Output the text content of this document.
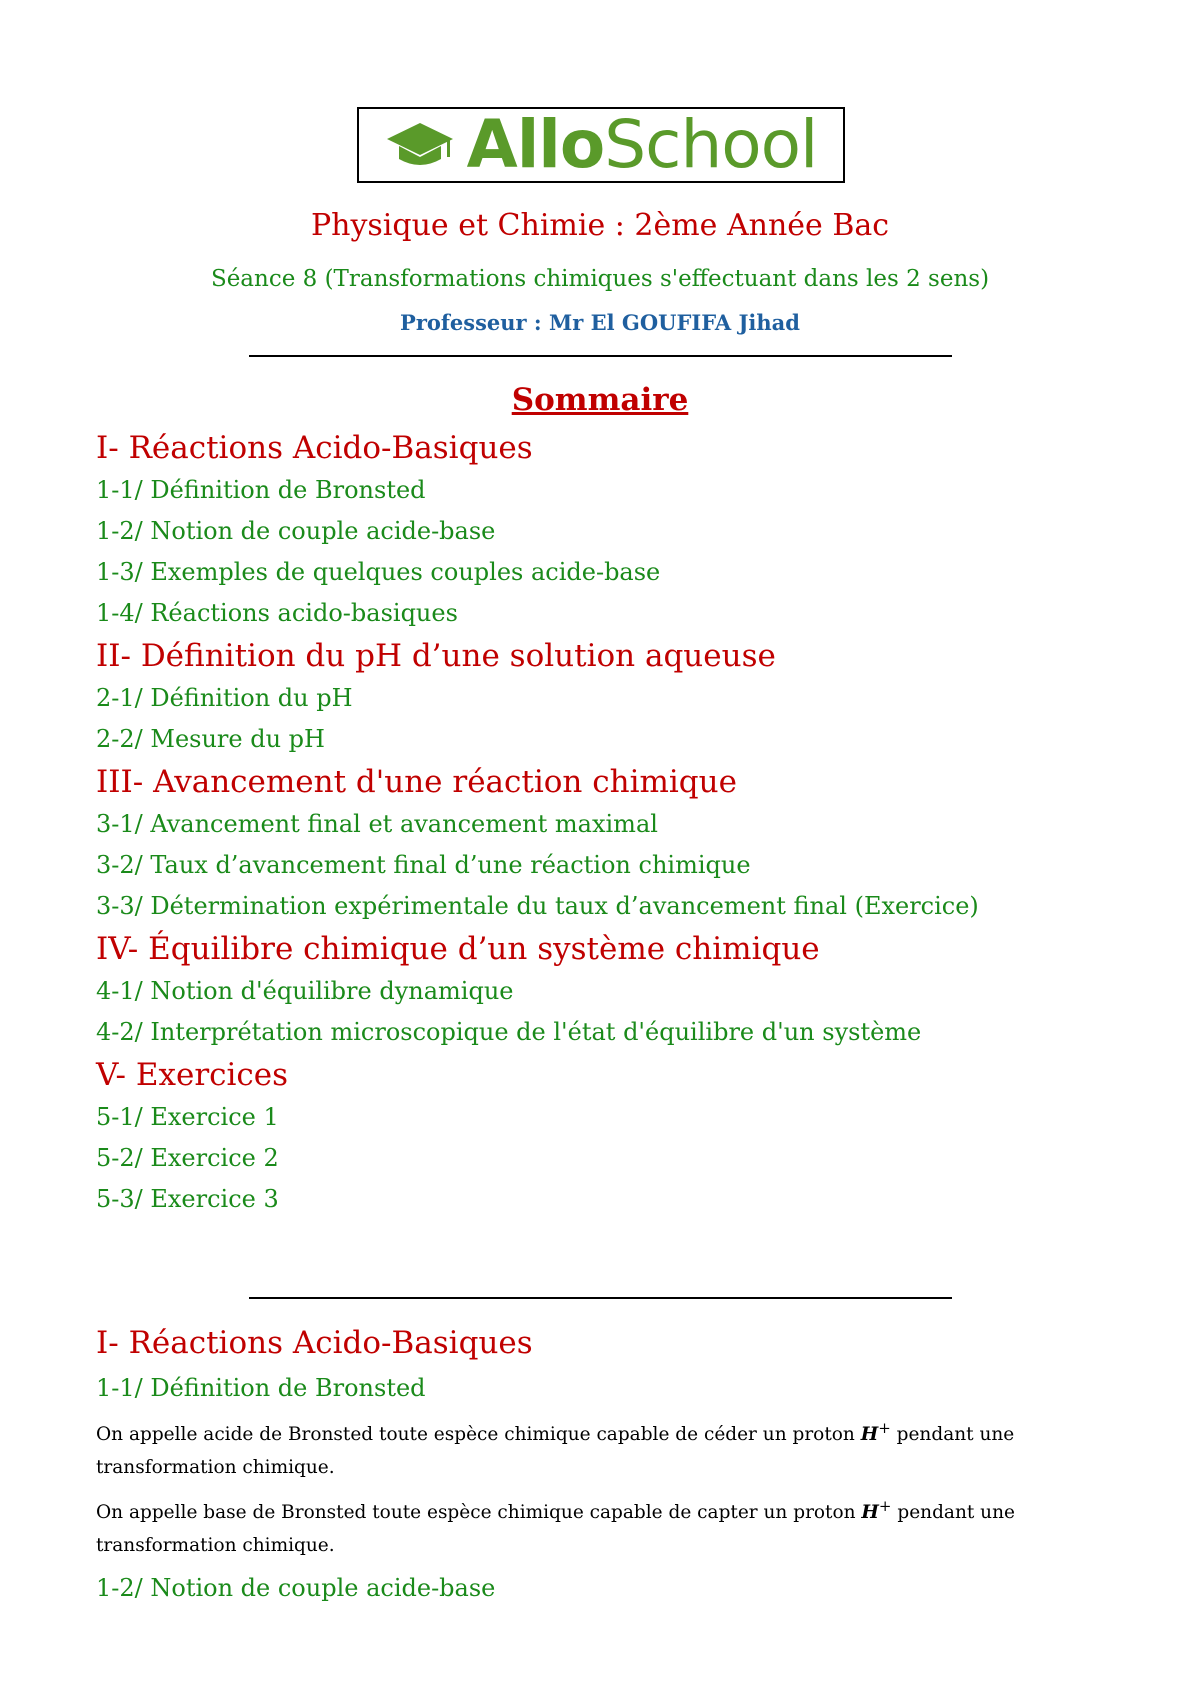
AlloSchool
Physique et Chimie : 2ème Année Bac
Séance 8 (Transformations chimiques s'effectuant dans les 2 sens)
Professeur : Mr El GOUFIFA Jihad
Sommaire
I- Réactions Acido-Basiques
1-1/ Définition de Bronsted
1-2/ Notion de couple acide-base
1-3/ Exemples de quelques couples acide-base
1-4/ Réactions acido-basiques
II- Définition du pH d’une solution aqueuse
2-1/ Définition du pH
2-2/ Mesure du pH
III- Avancement d'une réaction chimique
3-1/ Avancement final et avancement maximal
3-2/ Taux d’avancement final d’une réaction chimique
3-3/ Détermination expérimentale du taux d’avancement final (Exercice)
IV- Équilibre chimique d’un système chimique
4-1/ Notion d'équilibre dynamique
4-2/ Interprétation microscopique de l'état d'équilibre d'un système
V- Exercices
5-1/ Exercice 1
5-2/ Exercice 2
5-3/ Exercice 3
I- Réactions Acido-Basiques
1-1/ Définition de Bronsted

On appelle acide de Bronsted toute espèce chimique capable de céder un proton H+ pendant une transformation chimique.

On appelle base de Bronsted toute espèce chimique capable de capter un proton H+ pendant une transformation chimique.

1-2/ Notion de couple acide-base
